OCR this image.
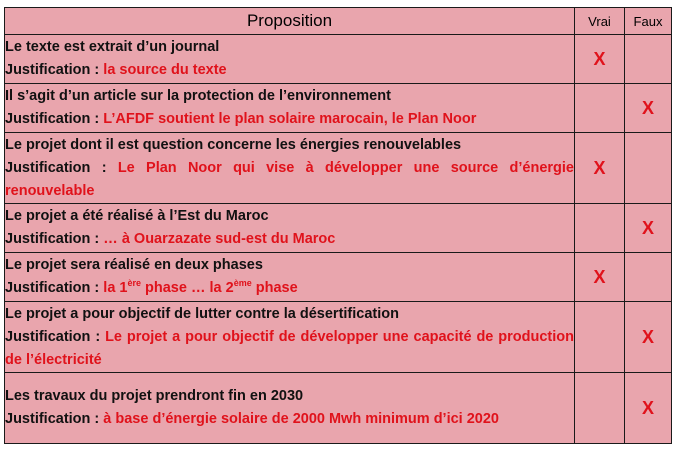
Proposition	Vrai	Faux

Le texte est extrait d’un journal
Justification : la source du texte	X	

Il s’agit d’un article sur la protection de l’environnement
Justification : L’AFDF soutient le plan solaire marocain, le Plan Noor		X

Le projet dont il est question concerne les énergies renouvelables
Justification : Le Plan Noor qui vise à développer une source d’énergie renouvelable	X	

Le projet a été réalisé à l’Est du Maroc
Justification : … à Ouarzazate sud-est du Maroc		X

Le projet sera réalisé en deux phases
Justification : la 1ère phase … la 2ème phase	X	

Le projet a pour objectif de lutter contre la désertification
Justification : Le projet a pour objectif de développer une capacité de production de l’électricité		X

Les travaux du projet prendront fin en 2030
Justification : à base d’énergie solaire de 2000 Mwh minimum d’ici 2020		X
